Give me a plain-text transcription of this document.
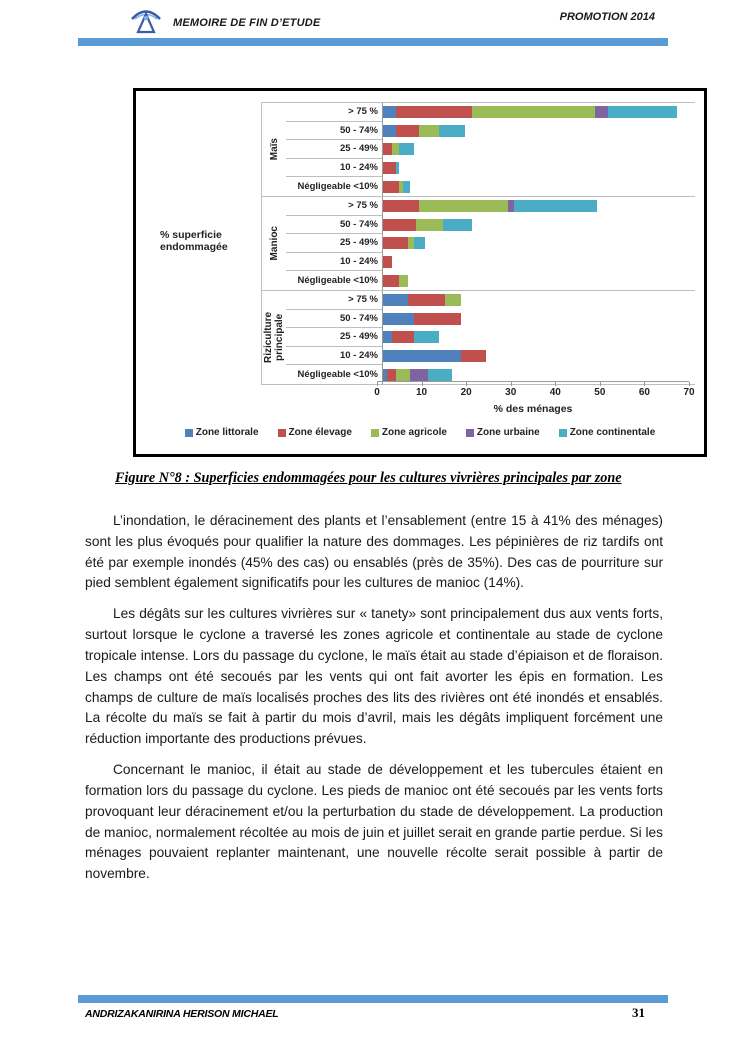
MEMOIRE DE FIN D’ETUDE	PROMOTION 2014
% superficie endommagée
Maïs
> 75 %
50 - 74%
25 - 49%
10 - 24%
Négligeable <10%
Manioc
> 75 %
50 - 74%
25 - 49%
10 - 24%
Négligeable <10%
Riziculture principale
> 75 %
50 - 74%
25 - 49%
10 - 24%
Négligeable <10%
0	10	20	30	40	50	60	70
% des ménages
Zone littorale	Zone élevage	Zone agricole	Zone urbaine	Zone continentale
Figure N°8 : Superficies endommagées pour les cultures vivrières principales par zone

L’inondation, le déracinement des plants et l’ensablement (entre 15 à 41% des ménages) sont les plus évoqués pour qualifier la nature des dommages. Les pépinières de riz tardifs ont été par exemple inondés (45% des cas) ou ensablés (près de 35%). Des cas de pourriture sur pied semblent également significatifs pour les cultures de manioc (14%).

Les dégâts sur les cultures vivrières sur « tanety» sont principalement dus aux vents forts, surtout lorsque le cyclone a traversé les zones agricole et continentale au stade de cyclone tropicale intense. Lors du passage du cyclone, le maïs était au stade d’épiaison et de floraison. Les champs ont été secoués par les vents qui ont fait avorter les épis en formation. Les champs de culture de maïs localisés proches des lits des rivières ont été inondés et ensablés. La récolte du maïs se fait à partir du mois d’avril, mais les dégâts impliquent forcément une réduction importante des productions prévues.

Concernant le manioc, il était au stade de développement et les tubercules étaient en formation lors du passage du cyclone. Les pieds de manioc ont été secoués par les vents forts provoquant leur déracinement et/ou la perturbation du stade de développement. La production de manioc, normalement récoltée au mois de juin et juillet serait en grande partie perdue. Si les ménages pouvaient replanter maintenant, une nouvelle récolte serait possible à partir de novembre.

ANDRIZAKANIRINA HERISON MICHAEL	31
